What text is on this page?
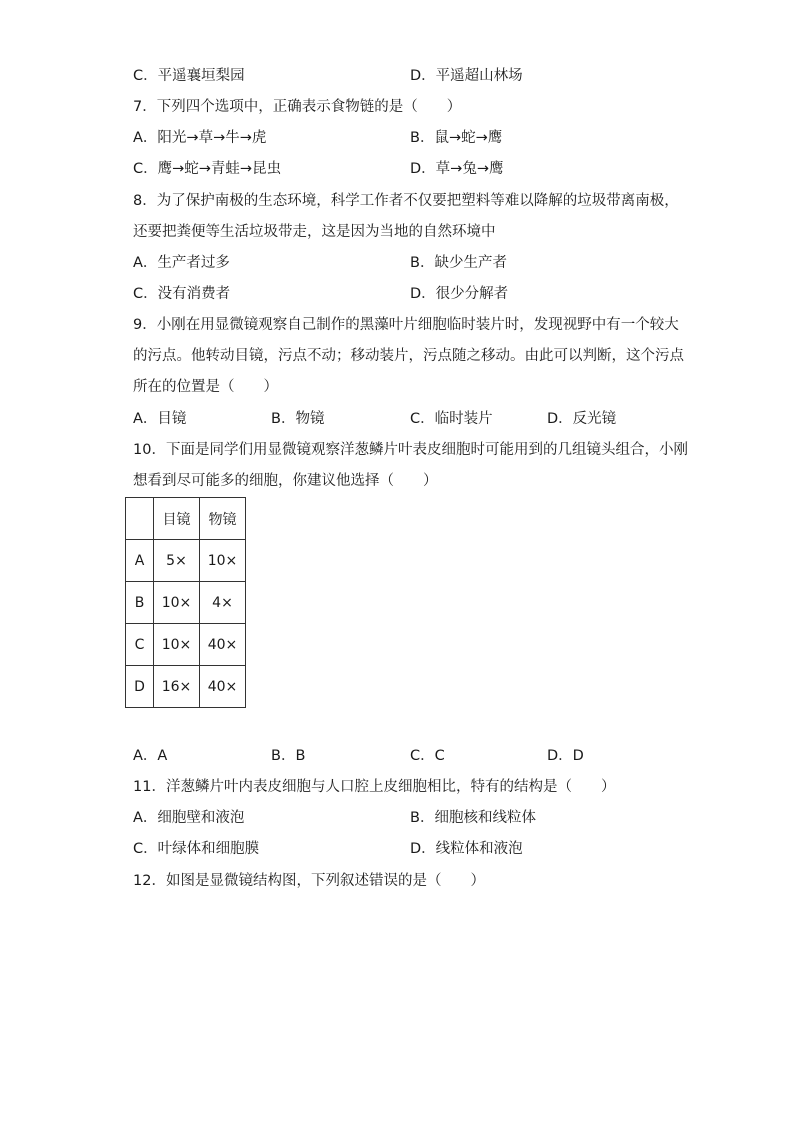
C．平遥襄垣梨园	D．平遥超山林场
7．下列四个选项中，正确表示食物链的是（　　）
A．阳光→草→牛→虎	B．鼠→蛇→鹰
C．鹰→蛇→青蛙→昆虫	D．草→兔→鹰
8．为了保护南极的生态环境，科学工作者不仅要把塑料等难以降解的垃圾带离南极，
还要把粪便等生活垃圾带走，这是因为当地的自然环境中
A．生产者过多	B．缺少生产者
C．没有消费者	D．很少分解者
9．小刚在用显微镜观察自己制作的黑藻叶片细胞临时装片时，发现视野中有一个较大
的污点。他转动目镜，污点不动；移动装片，污点随之移动。由此可以判断，这个污点
所在的位置是（　　）
A．目镜	B．物镜	C．临时装片	D．反光镜
10．下面是同学们用显微镜观察洋葱鳞片叶表皮细胞时可能用到的几组镜头组合，小刚
想看到尽可能多的细胞，你建议他选择（　　）
	目镜	物镜
A	5×	10×
B	10×	4×
C	10×	40×
D	16×	40×
A．A	B．B	C．C	D．D
11．洋葱鳞片叶内表皮细胞与人口腔上皮细胞相比，特有的结构是（　　）
A．细胞壁和液泡	B．细胞核和线粒体
C．叶绿体和细胞膜	D．线粒体和液泡
12．如图是显微镜结构图，下列叙述错误的是（　　）
